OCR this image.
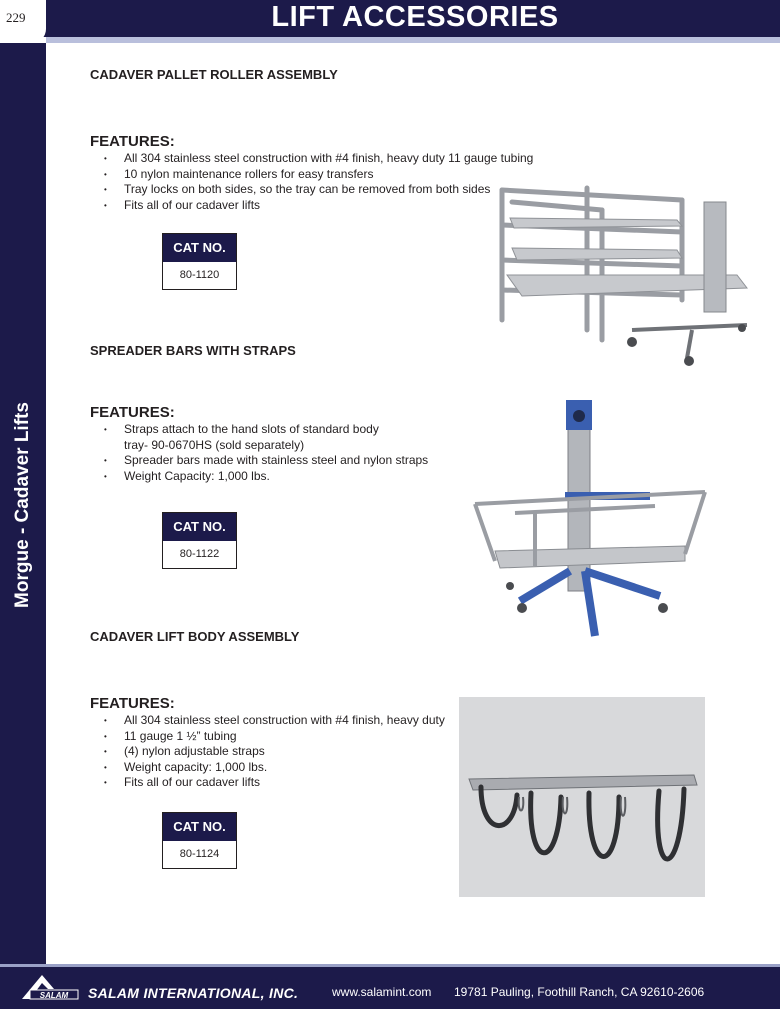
229	LIFT ACCESSORIES
Morgue - Cadaver Lifts
CADAVER PALLET ROLLER ASSEMBLY
FEATURES:
• All 304 stainless steel construction with #4 finish, heavy duty 11 gauge tubing
• 10 nylon maintenance rollers for easy transfers
• Tray locks on both sides, so the tray can be removed from both sides
• Fits all of our cadaver lifts
CAT NO.
80-1120
SPREADER BARS WITH STRAPS
FEATURES:
• Straps attach to the hand slots of standard body
tray- 90-0670HS (sold separately)
• Spreader bars made with stainless steel and nylon straps
• Weight Capacity: 1,000 lbs.
CAT NO.
80-1122
CADAVER LIFT BODY ASSEMBLY
FEATURES:
• All 304 stainless steel construction with #4 finish, heavy duty
• 11 gauge 1 ½” tubing
• (4) nylon adjustable straps
• Weight capacity: 1,000 lbs.
• Fits all of our cadaver lifts
CAT NO.
80-1124
SALAM SALAM INTERNATIONAL, INC.	www.salamint.com 19781 Pauling, Foothill Ranch, CA 92610-2606
